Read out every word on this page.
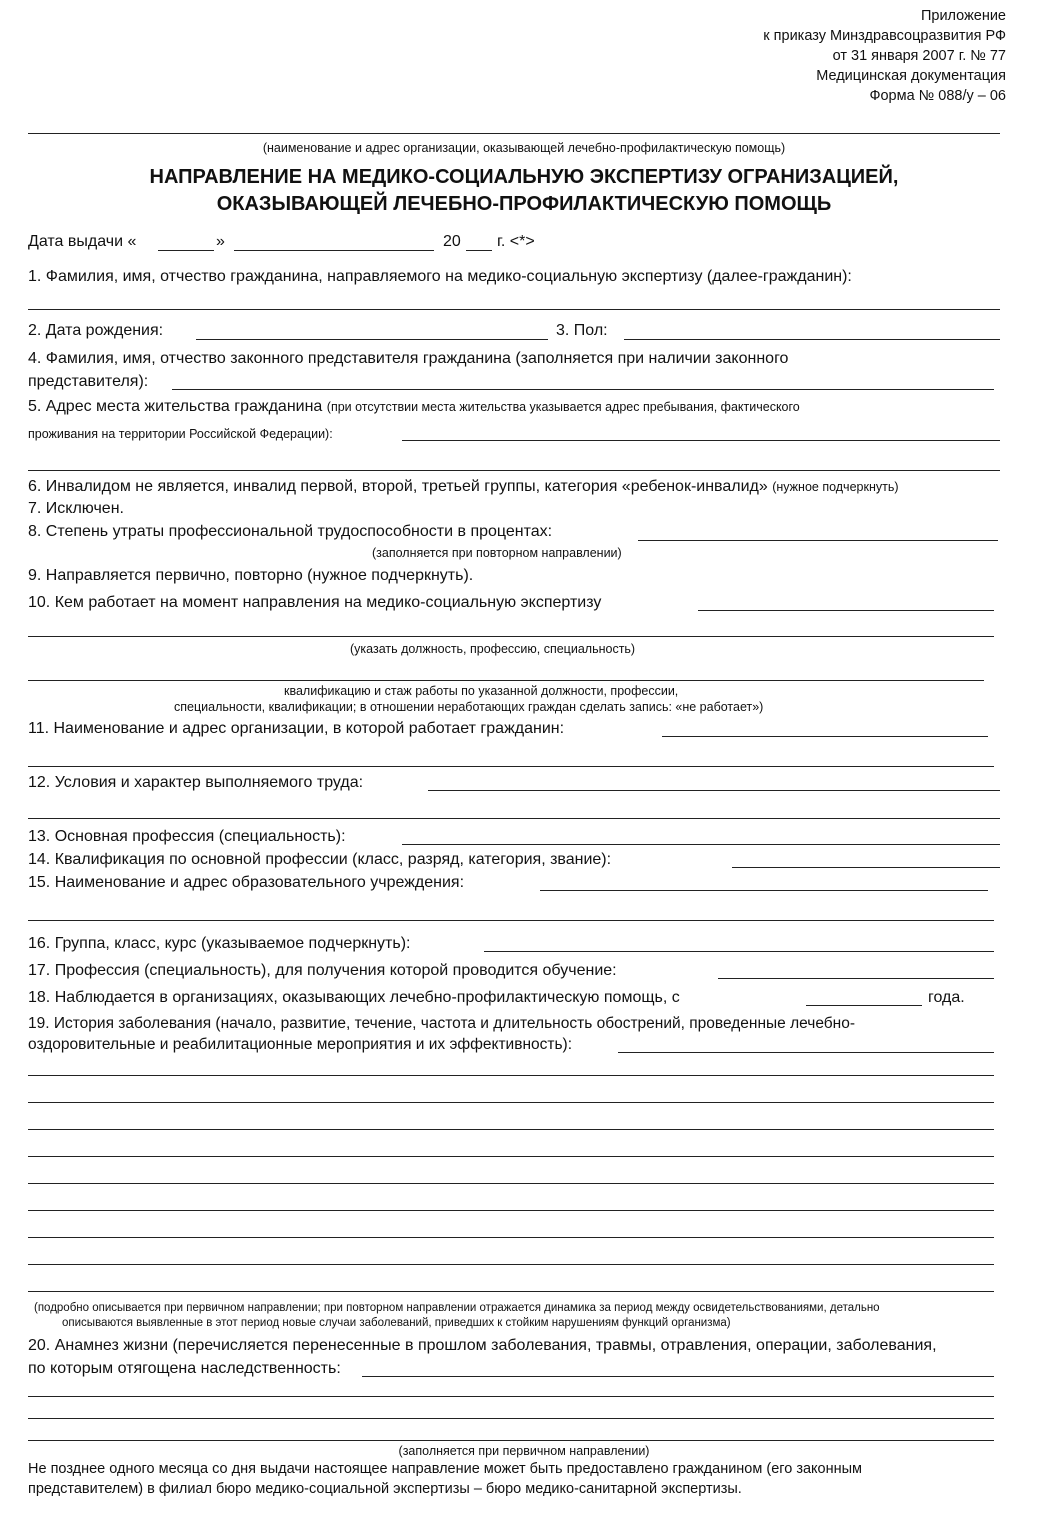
Приложение
к приказу Минздравсоцразвития РФ
от 31 января 2007 г. № 77
Медицинская документация
Форма № 088/у – 06
(наименование и адрес организации, оказывающей лечебно-профилактическую помощь)
НАПРАВЛЕНИЕ НА МЕДИКО-СОЦИАЛЬНУЮ ЭКСПЕРТИЗУ ОГРАНИЗАЦИЕЙ,
ОКАЗЫВАЮЩЕЙ ЛЕЧЕБНО-ПРОФИЛАКТИЧЕСКУЮ ПОМОЩЬ
Дата выдачи «	»	20 г. <*>
1. Фамилия, имя, отчество гражданина, направляемого на медико-социальную экспертизу (далее-гражданин):
2. Дата рождения:	3. Пол:
4. Фамилия, имя, отчество законного представителя гражданина (заполняется при наличии законного
представителя):
5. Адрес места жительства гражданина (при отсутствии места жительства указывается адрес пребывания, фактического
проживания на территории Российской Федерации):
6. Инвалидом не является, инвалид первой, второй, третьей группы, категория «ребенок-инвалид» (нужное подчеркнуть)
7. Исключен.
8. Степень утраты профессиональной трудоспособности в процентах:
(заполняется при повторном направлении)
9. Направляется первично, повторно (нужное подчеркнуть).
10. Кем работает на момент направления на медико-социальную экспертизу
(указать должность, профессию, специальность)
квалификацию и стаж работы по указанной должности, профессии,
специальности, квалификации; в отношении неработающих граждан сделать запись: «не работает»)
11. Наименование и адрес организации, в которой работает гражданин:
12. Условия и характер выполняемого труда:
13. Основная профессия (специальность):
14. Квалификация по основной профессии (класс, разряд, категория, звание):
15. Наименование и адрес образовательного учреждения:
16. Группа, класс, курс (указываемое подчеркнуть):
17. Профессия (специальность), для получения которой проводится обучение:
18. Наблюдается в организациях, оказывающих лечебно-профилактическую помощь, с	года.
19. История заболевания (начало, развитие, течение, частота и длительность обострений, проведенные лечебно-
оздоровительные и реабилитационные мероприятия и их эффективность):
(подробно описывается при первичном направлении; при повторном направлении отражается динамика за период между освидетельствованиями, детально
описываются выявленные в этот период новые случаи заболеваний, приведших к стойким нарушениям функций организма)
20. Анамнез жизни (перечисляется перенесенные в прошлом заболевания, травмы, отравления, операции, заболевания,
по которым отягощена наследственность:
(заполняется при первичном направлении)
Не позднее одного месяца со дня выдачи настоящее направление может быть предоставлено гражданином (его законным
представителем) в филиал бюро медико-социальной экспертизы – бюро медико-санитарной экспертизы.
